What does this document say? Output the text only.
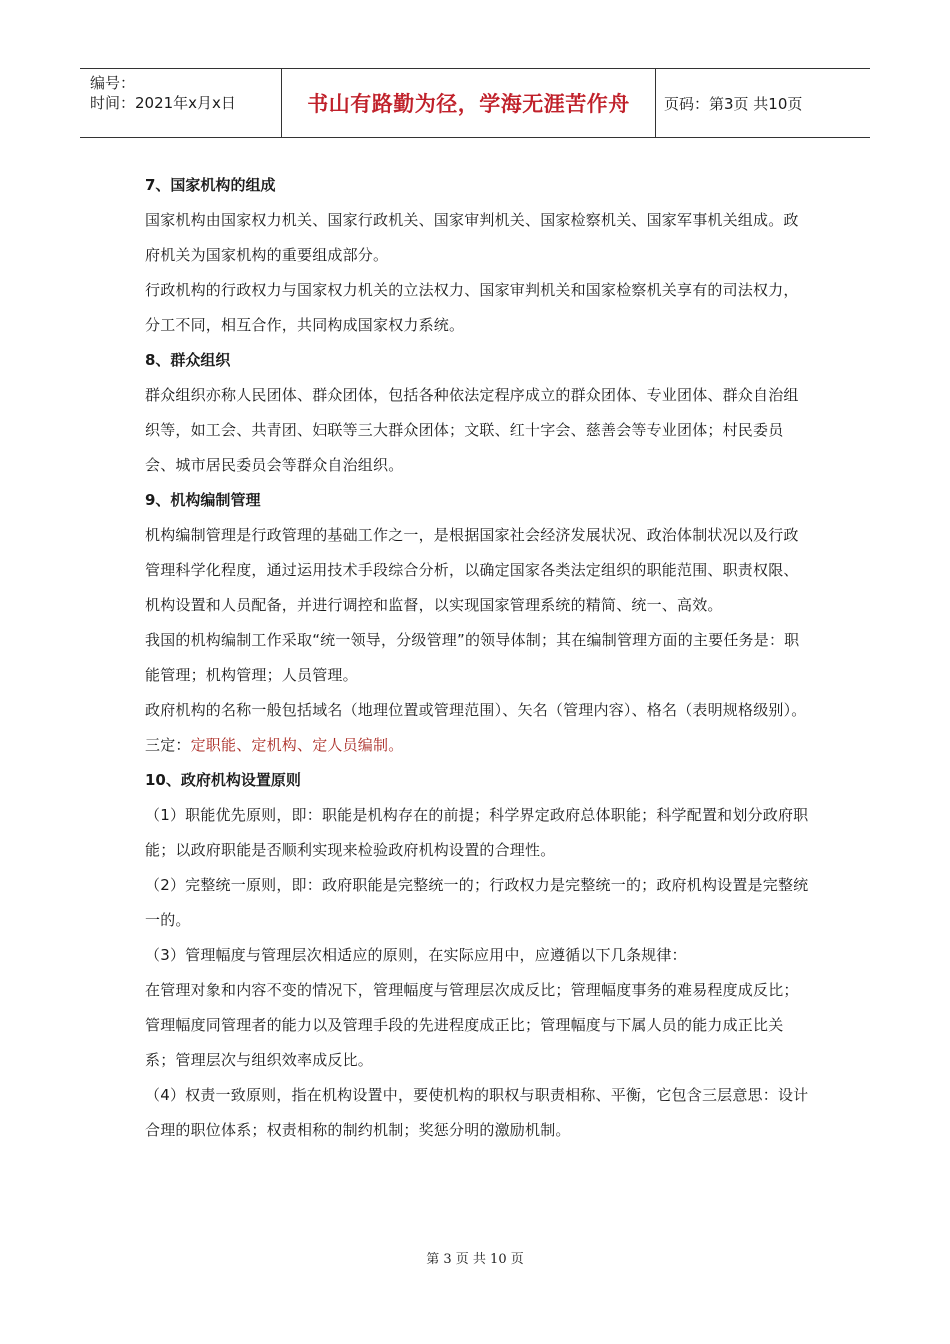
编号：
时间：2021年x月x日	书山有路勤为径，学海无涯苦作舟 页码：第3页 共10页
7、国家机构的组成

国家机构由国家权力机关、国家行政机关、国家审判机关、国家检察机关、国家军事机关组成。政府机关为国家机构的重要组成部分。

行政机构的行政权力与国家权力机关的立法权力、国家审判机关和国家检察机关享有的司法权力，分工不同，相互合作，共同构成国家权力系统。

8、群众组织

群众组织亦称人民团体、群众团体，包括各种依法定程序成立的群众团体、专业团体、群众自治组织等，如工会、共青团、妇联等三大群众团体；文联、红十字会、慈善会等专业团体；村民委员会、城市居民委员会等群众自治组织。

9、机构编制管理

机构编制管理是行政管理的基础工作之一，是根据国家社会经济发展状况、政治体制状况以及行政管理科学化程度，通过运用技术手段综合分析，以确定国家各类法定组织的职能范围、职责权限、机构设置和人员配备，并进行调控和监督，以实现国家管理系统的精简、统一、高效。

我国的机构编制工作采取“统一领导，分级管理”的领导体制；其在编制管理方面的主要任务是：职能管理；机构管理；人员管理。

政府机构的名称一般包括域名（地理位置或管理范围）、矢名（管理内容）、格名（表明规格级别）。

三定：定职能、定机构、定人员编制。

10、政府机构设置原则

（1）职能优先原则，即：职能是机构存在的前提；科学界定政府总体职能；科学配置和划分政府职能；以政府职能是否顺利实现来检验政府机构设置的合理性。

（2）完整统一原则，即：政府职能是完整统一的；行政权力是完整统一的；政府机构设置是完整统一的。

（3）管理幅度与管理层次相适应的原则，在实际应用中，应遵循以下几条规律：

在管理对象和内容不变的情况下，管理幅度与管理层次成反比；管理幅度事务的难易程度成反比；管理幅度同管理者的能力以及管理手段的先进程度成正比；管理幅度与下属人员的能力成正比关系；管理层次与组织效率成反比。

（4）权责一致原则，指在机构设置中，要使机构的职权与职责相称、平衡，它包含三层意思：设计合理的职位体系；权责相称的制约机制；奖惩分明的激励机制。

第 3 页 共 10 页
